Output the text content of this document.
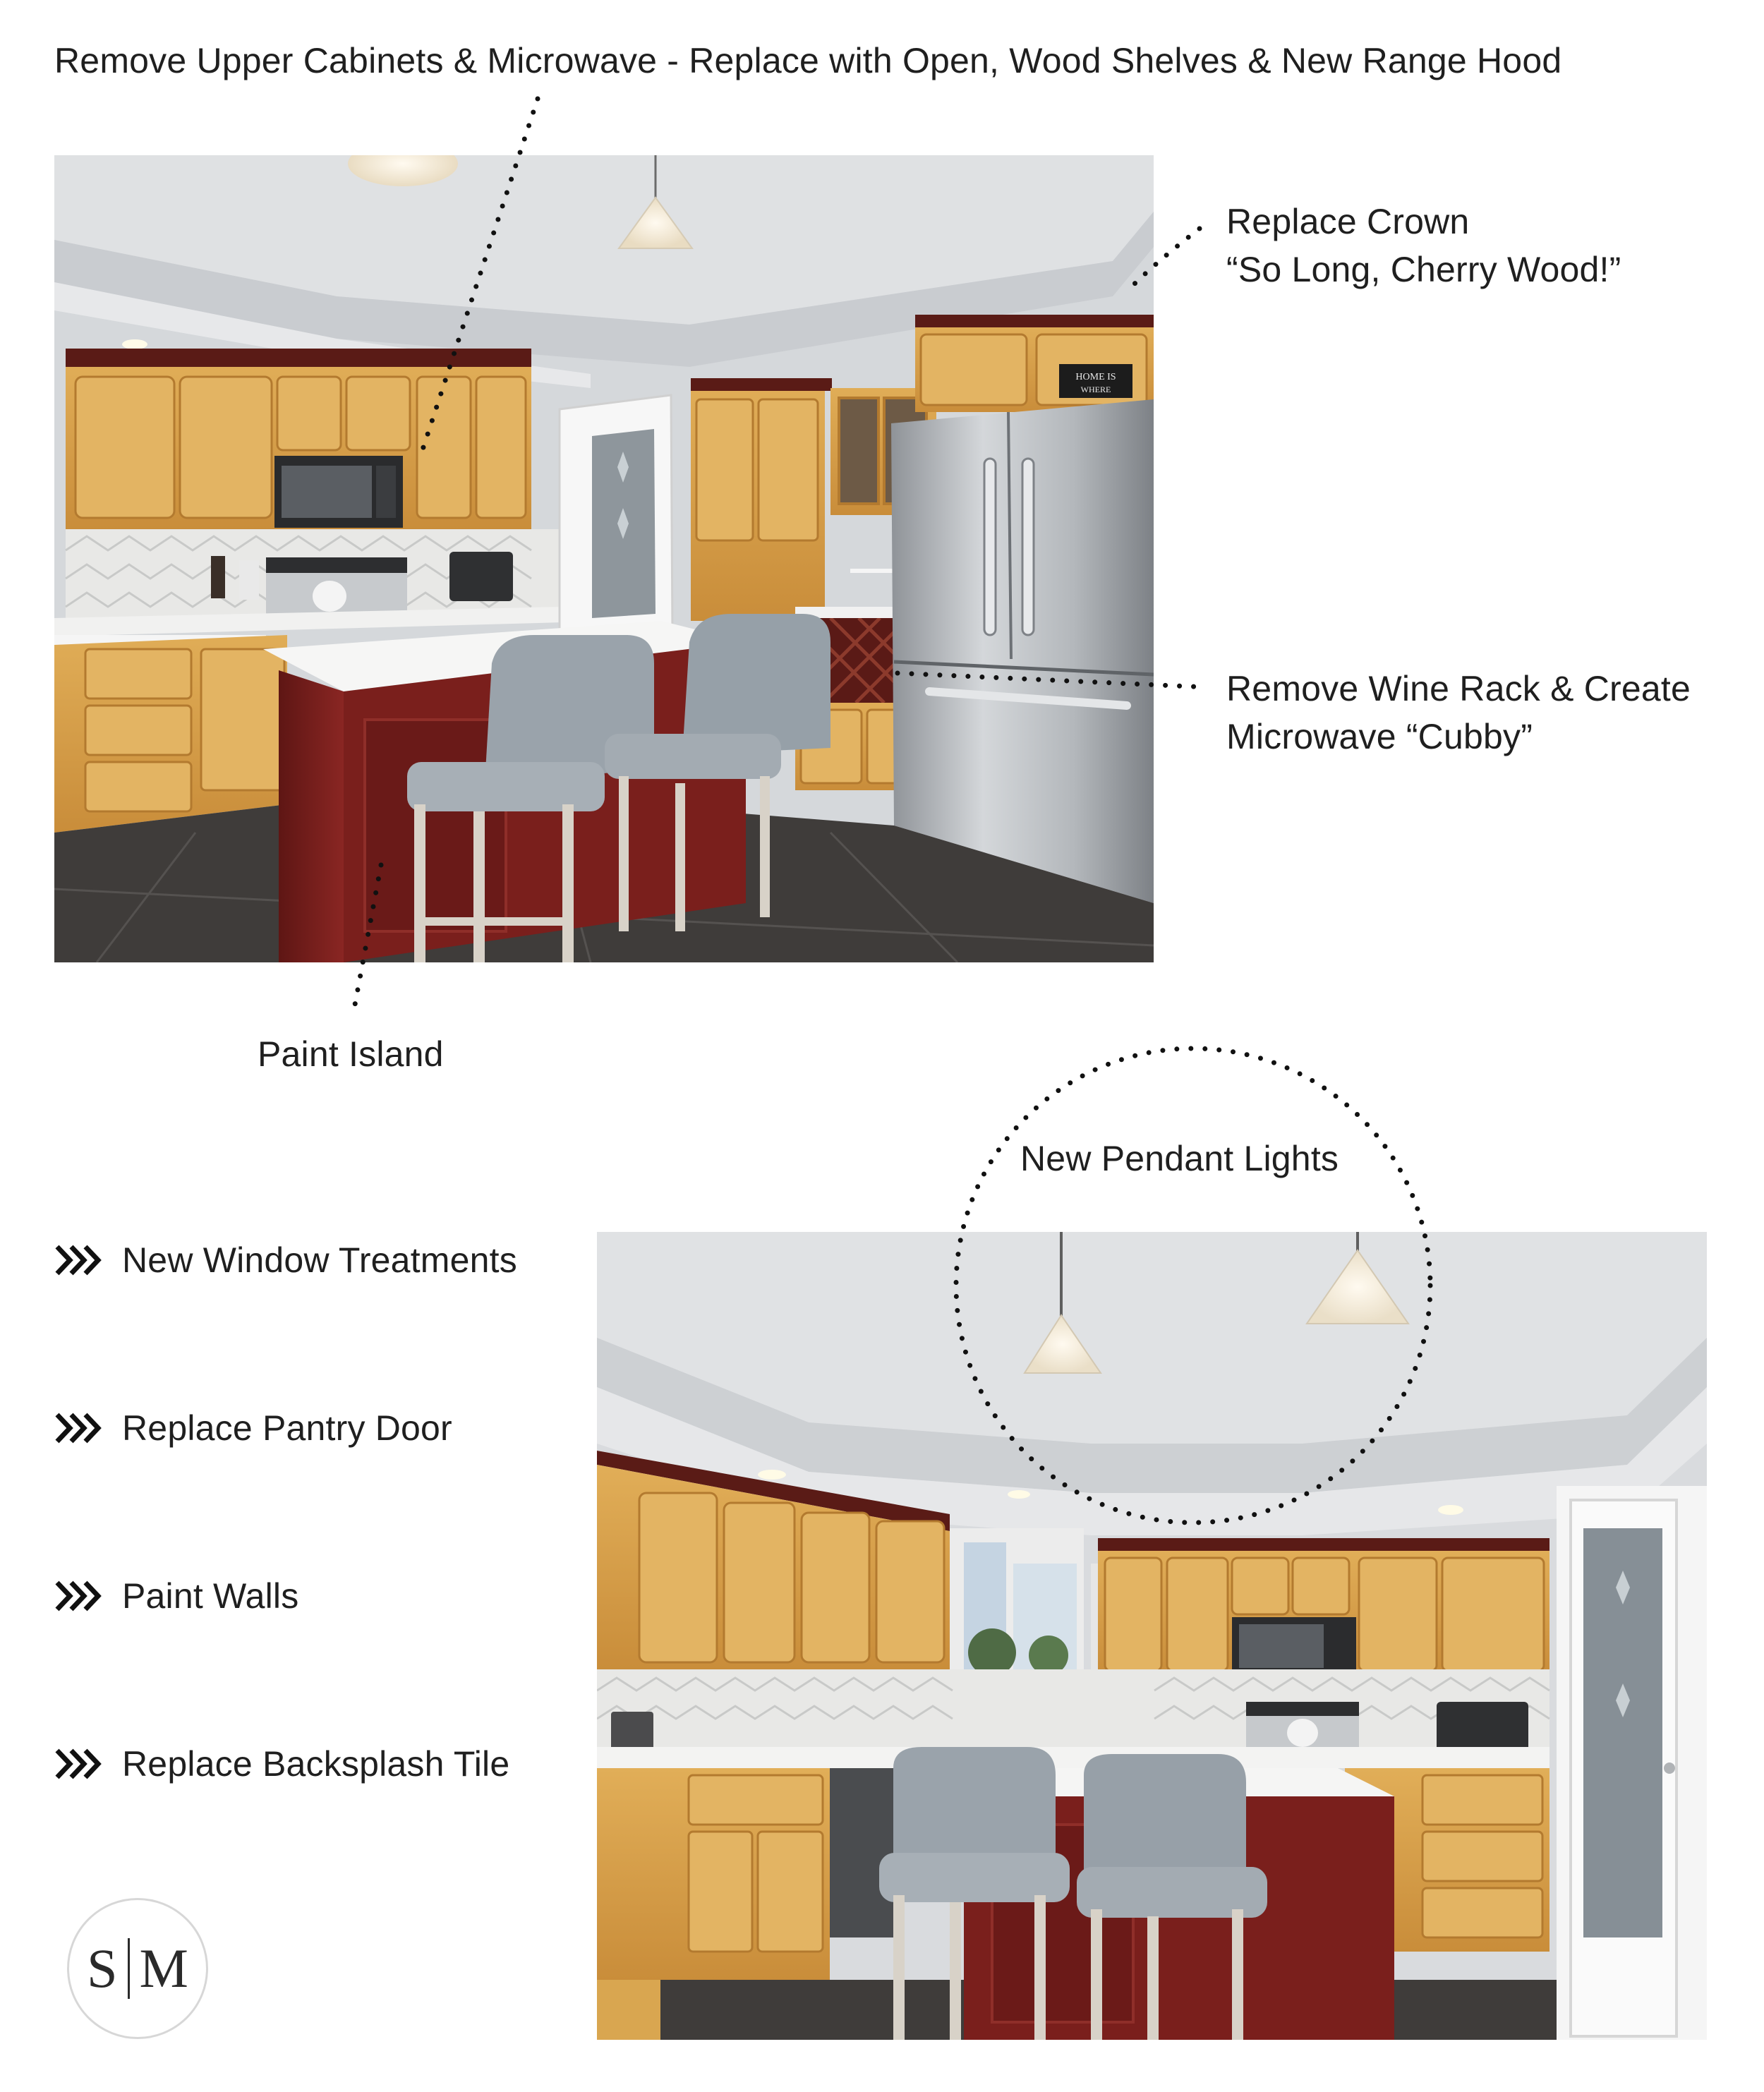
Remove Upper Cabinets & Microwave - Replace with Open, Wood Shelves & New Range Hood
HOME IS
WHERE
Replace Crown
“So Long, Cherry Wood!”
Remove Wine Rack & Create
Microwave “Cubby”
Paint Island
New Pendant Lights
New Window Treatments
Replace Pantry Door
Paint Walls
Replace Backsplash Tile
S M
